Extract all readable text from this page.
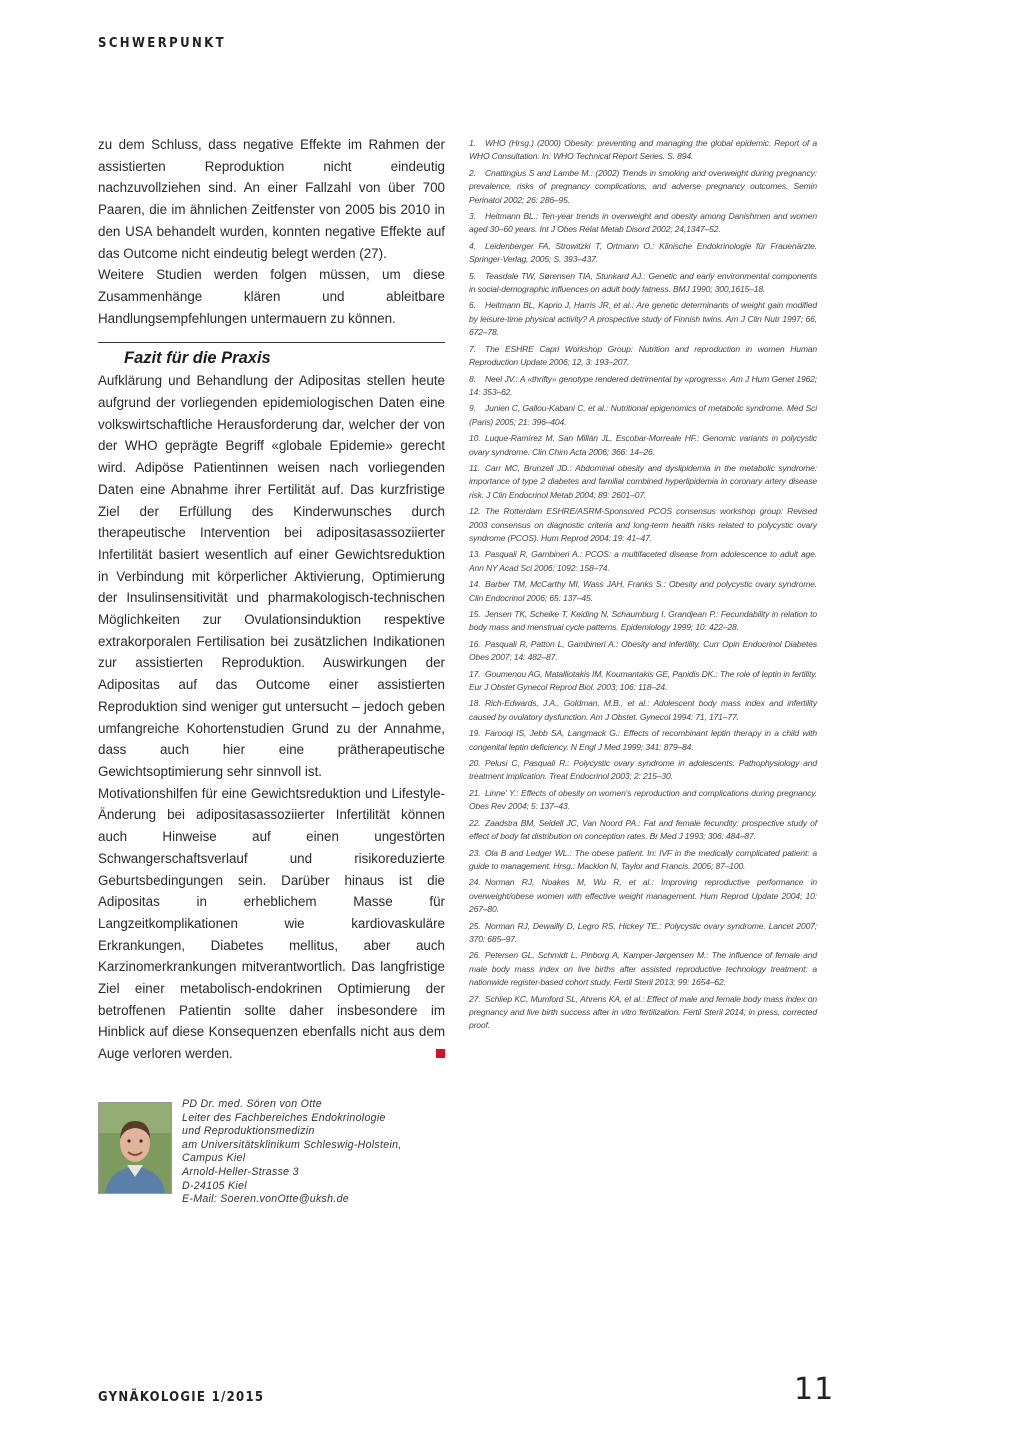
SCHWERPUNKT

zu dem Schluss, dass negative Effekte im Rahmen der assistierten Reproduktion nicht eindeutig nachzuvollziehen sind. An einer Fallzahl von über 700 Paaren, die im ähnlichen Zeitfenster von 2005 bis 2010 in den USA behandelt wurden, konnten negative Effekte auf das Outcome nicht eindeutig belegt werden (27).

Weitere Studien werden folgen müssen, um diese Zusammenhänge klären und ableitbare Handlungsempfehlungen untermauern zu können.

Fazit für die Praxis

Aufklärung und Behandlung der Adipositas stellen heute aufgrund der vorliegenden epidemiologischen Daten eine volkswirtschaftliche Herausforderung dar, welcher der von der WHO geprägte Begriff «globale Epidemie» gerecht wird. Adipöse Patientinnen weisen nach vorliegenden Daten eine Abnahme ihrer Fertilität auf. Das kurzfristige Ziel der Erfüllung des Kinderwunsches durch therapeutische Intervention bei adipositasassoziierter Infertilität basiert wesentlich auf einer Gewichtsreduktion in Verbindung mit körperlicher Aktivierung, Optimierung der Insulinsensitivität und pharmakologisch-technischen Möglichkeiten zur Ovulationsinduktion respektive extrakorporalen Fertilisation bei zusätzlichen Indikationen zur assistierten Reproduktion. Auswirkungen der Adipositas auf das Outcome einer assistierten Reproduktion sind weniger gut untersucht – jedoch geben umfangreiche Kohortenstudien Grund zu der Annahme, dass auch hier eine prätherapeutische Gewichtsoptimierung sehr sinnvoll ist.

Motivationshilfen für eine Gewichtsreduktion und Lifestyle-Änderung bei adipositasassoziierter Infertilität können auch Hinweise auf einen ungestörten Schwangerschaftsverlauf und risikoreduzierte Geburtsbedingungen sein. Darüber hinaus ist die Adipositas in erheblichem Masse für Langzeitkomplikationen wie kardiovaskuläre Erkrankungen, Diabetes mellitus, aber auch Karzinomerkrankungen mitverantwortlich. Das langfristige Ziel einer metabolisch-endokrinen Optimierung der betroffenen Patientin sollte daher insbesondere im Hinblick auf diese Konsequenzen ebenfalls nicht aus dem Auge verloren werden.

PD Dr. med. Sören von Otte
Leiter des Fachbereiches Endokrinologie
und Reproduktionsmedizin
am Universitätsklinikum Schleswig-Holstein,
Campus Kiel
Arnold-Heller-Strasse 3
D-24105 Kiel
E-Mail: Soeren.vonOtte@uksh.de
1. WHO (Hrsg.) (2000) Obesity: preventing and managing the global epidemic. Report of a WHO Consultation. In: WHO Technical Report Series. S. 894.
2. Cnattingius S and Lambe M.: (2002) Trends in smoking and overweight during pregnancy: prevalence, risks of pregnancy complications, and adverse pregnancy outcomes. Semin Perinatol 2002; 26: 286–95.
3. Heitmann BL.: Ten-year trends in overweight and obesity among Danishmen and women aged 30–60 years. Int J Obes Relat Metab Disord 2002; 24,1347–52.
4. Leidenberger FA, Strowitzki T, Ortmann O.: Klinische Endokrinologie für Frauenärzte. Springer-Verlag, 2005; S. 393–437.
5. Teasdale TW, Sørensen TIA, Stunkard AJ.: Genetic and early environmental components in social-demographic influences on adult body fatness. BMJ 1990; 300,1615–18.
6. Heitmann BL, Kaprio J, Harris JR, et al.: Are genetic determinants of weight gain modified by leisure-time physical activity? A prospective study of Finnish twins. Am J Clin Nutr 1997; 66, 672–78.
7. The ESHRE Capri Workshop Group: Nutrition and reproduction in women Human Reproduction Update 2006; 12, 3: 193–207.
8. Neel JV.: A «thrifty» genotype rendered detrimental by «progress». Am J Hum Genet 1962; 14: 353–62.
9. Junien C, Gallou-Kabani C, et al.: Nutritional epigenomics of metabolic syndrome. Med Sci (Paris) 2005; 21: 396–404.
10. Luque-Ramírez M, San Millán JL, Escobar-Morreale HF.: Genomic variants in polycystic ovary syndrome. Clin Chim Acta 2006; 366: 14–26.
11. Carr MC, Brunzell JD.: Abdominal obesity and dyslipidemia in the metabolic syndrome: importance of type 2 diabetes and familial combined hyperlipidemia in coronary artery disease risk. J Clin Endocrinol Metab 2004; 89: 2601–07.
12. The Rotterdam ESHRE/ASRM-Sponsored PCOS consensus workshop group: Revised 2003 consensus on diagnostic criteria and long-term health risks related to polycystic ovary syndrome (PCOS). Hum Reprod 2004: 19: 41–47.
13. Pasquali R, Gambineri A.: PCOS: a multifaceted disease from adolescence to adult age. Ann NY Acad Sci 2006; 1092: 158–74.
14. Barber TM, McCarthy MI, Wass JAH, Franks S.: Obesity and polycystic ovary syndrome. Clin Endocrinol 2006; 65: 137–45.
15. Jensen TK, Scheike T, Keiding N, Schaumburg I, Grandjean P.: Fecundability in relation to body mass and menstrual cycle patterns. Epidemiology 1999; 10: 422–28.
16. Pasquali R, Patton L, Gambineri A.: Obesity and infertility. Curr Opin Endocrinol Diabetes Obes 2007; 14: 482–87.
17. Goumenou AG, Matalliotakis IM, Koumantakis GE, Panidis DK.: The role of leptin in fertility. Eur J Obstet Gynecol Reprod Biol. 2003; 106: 118–24.
18. Rich-Edwards, J.A., Goldman, M.B., et al.: Adolescent body mass index and infertility caused by ovulatory dysfunction. Am J Obstet. Gynecol 1994: 71, 171–77.
19. Farooqi IS, Jebb SA, Langmack G.: Effects of recombinant leptin therapy in a child with congenital leptin deficiency. N Engl J Med 1999; 341: 879–84.
20. Pelusi C, Pasquali R.: Polycystic ovary syndrome in adolescents. Pathophysiology and treatment implication. Treat Endocrinol 2003; 2: 215–30.
21. Linne' Y.: Effects of obesity on women's reproduction and complications during pregnancy. Obes Rev 2004; 5: 137–43.
22. Zaadstra BM, Seidell JC, Van Noord PA.: Fat and female fecundity: prospective study of effect of body fat distribution on conception rates. Br Med J 1993; 306: 484–87.
23. Ola B and Ledger WL.: The obese patient. In: IVF in the medically complicated patient: a guide to management. Hrsg.: Macklon N, Taylor and Francis. 2005; 87–100.
24. Norman RJ, Noakes M, Wu R, et al.: Improving reproductive performance in overweight/obese women with effective weight management. Hum Reprod Update 2004; 10: 267–80.
25. Norman RJ, Dewailly D, Legro RS, Hickey TE.: Polycystic ovary syndrome. Lancet 2007; 370: 685–97.
26. Petersen GL, Schmidt L, Pinborg A, Kamper-Jørgensen M.: The influence of female and male body mass index on live births after assisted reproductive technology treatment: a nationwide register-based cohort study. Fertil Steril 2013; 99: 1654–62.
27. Schliep KC, Mumford SL, Ahrens KA, et al.: Effect of male and female body mass index on pregnancy and live birth success after in vitro fertilization. Fertil Steril 2014; in press, corrected proof.
GYNÄKOLOGIE 1/2015	11
